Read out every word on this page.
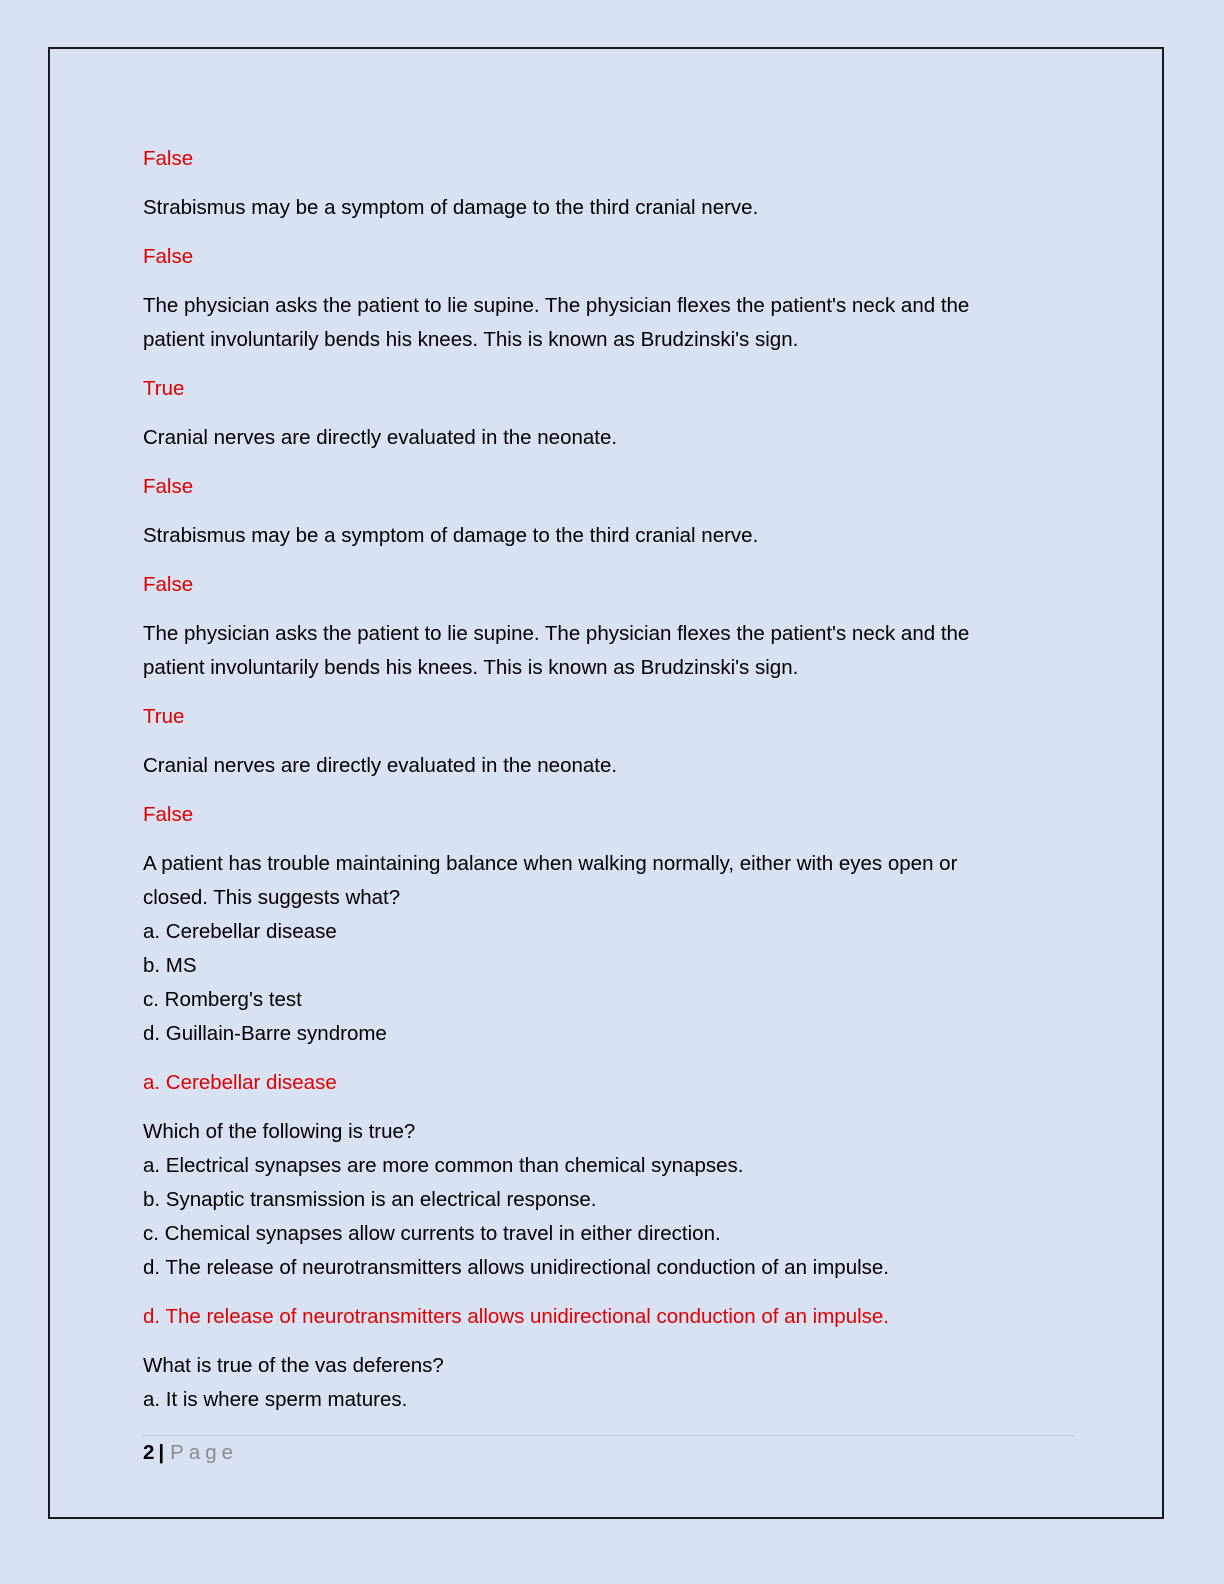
False
Strabismus may be a symptom of damage to the third cranial nerve.
False
The physician asks the patient to lie supine. The physician flexes the patient's neck and the
patient involuntarily bends his knees. This is known as Brudzinski's sign.
True
Cranial nerves are directly evaluated in the neonate.
False
Strabismus may be a symptom of damage to the third cranial nerve.
False
The physician asks the patient to lie supine. The physician flexes the patient's neck and the
patient involuntarily bends his knees. This is known as Brudzinski's sign.
True
Cranial nerves are directly evaluated in the neonate.
False
A patient has trouble maintaining balance when walking normally, either with eyes open or
closed. This suggests what?
a. Cerebellar disease
b. MS
c. Romberg's test
d. Guillain-Barre syndrome
a. Cerebellar disease
Which of the following is true?
a. Electrical synapses are more common than chemical synapses.
b. Synaptic transmission is an electrical response.
c. Chemical synapses allow currents to travel in either direction.
d. The release of neurotransmitters allows unidirectional conduction of an impulse.
d. The release of neurotransmitters allows unidirectional conduction of an impulse.
What is true of the vas deferens?
a. It is where sperm matures.
2 | Page
